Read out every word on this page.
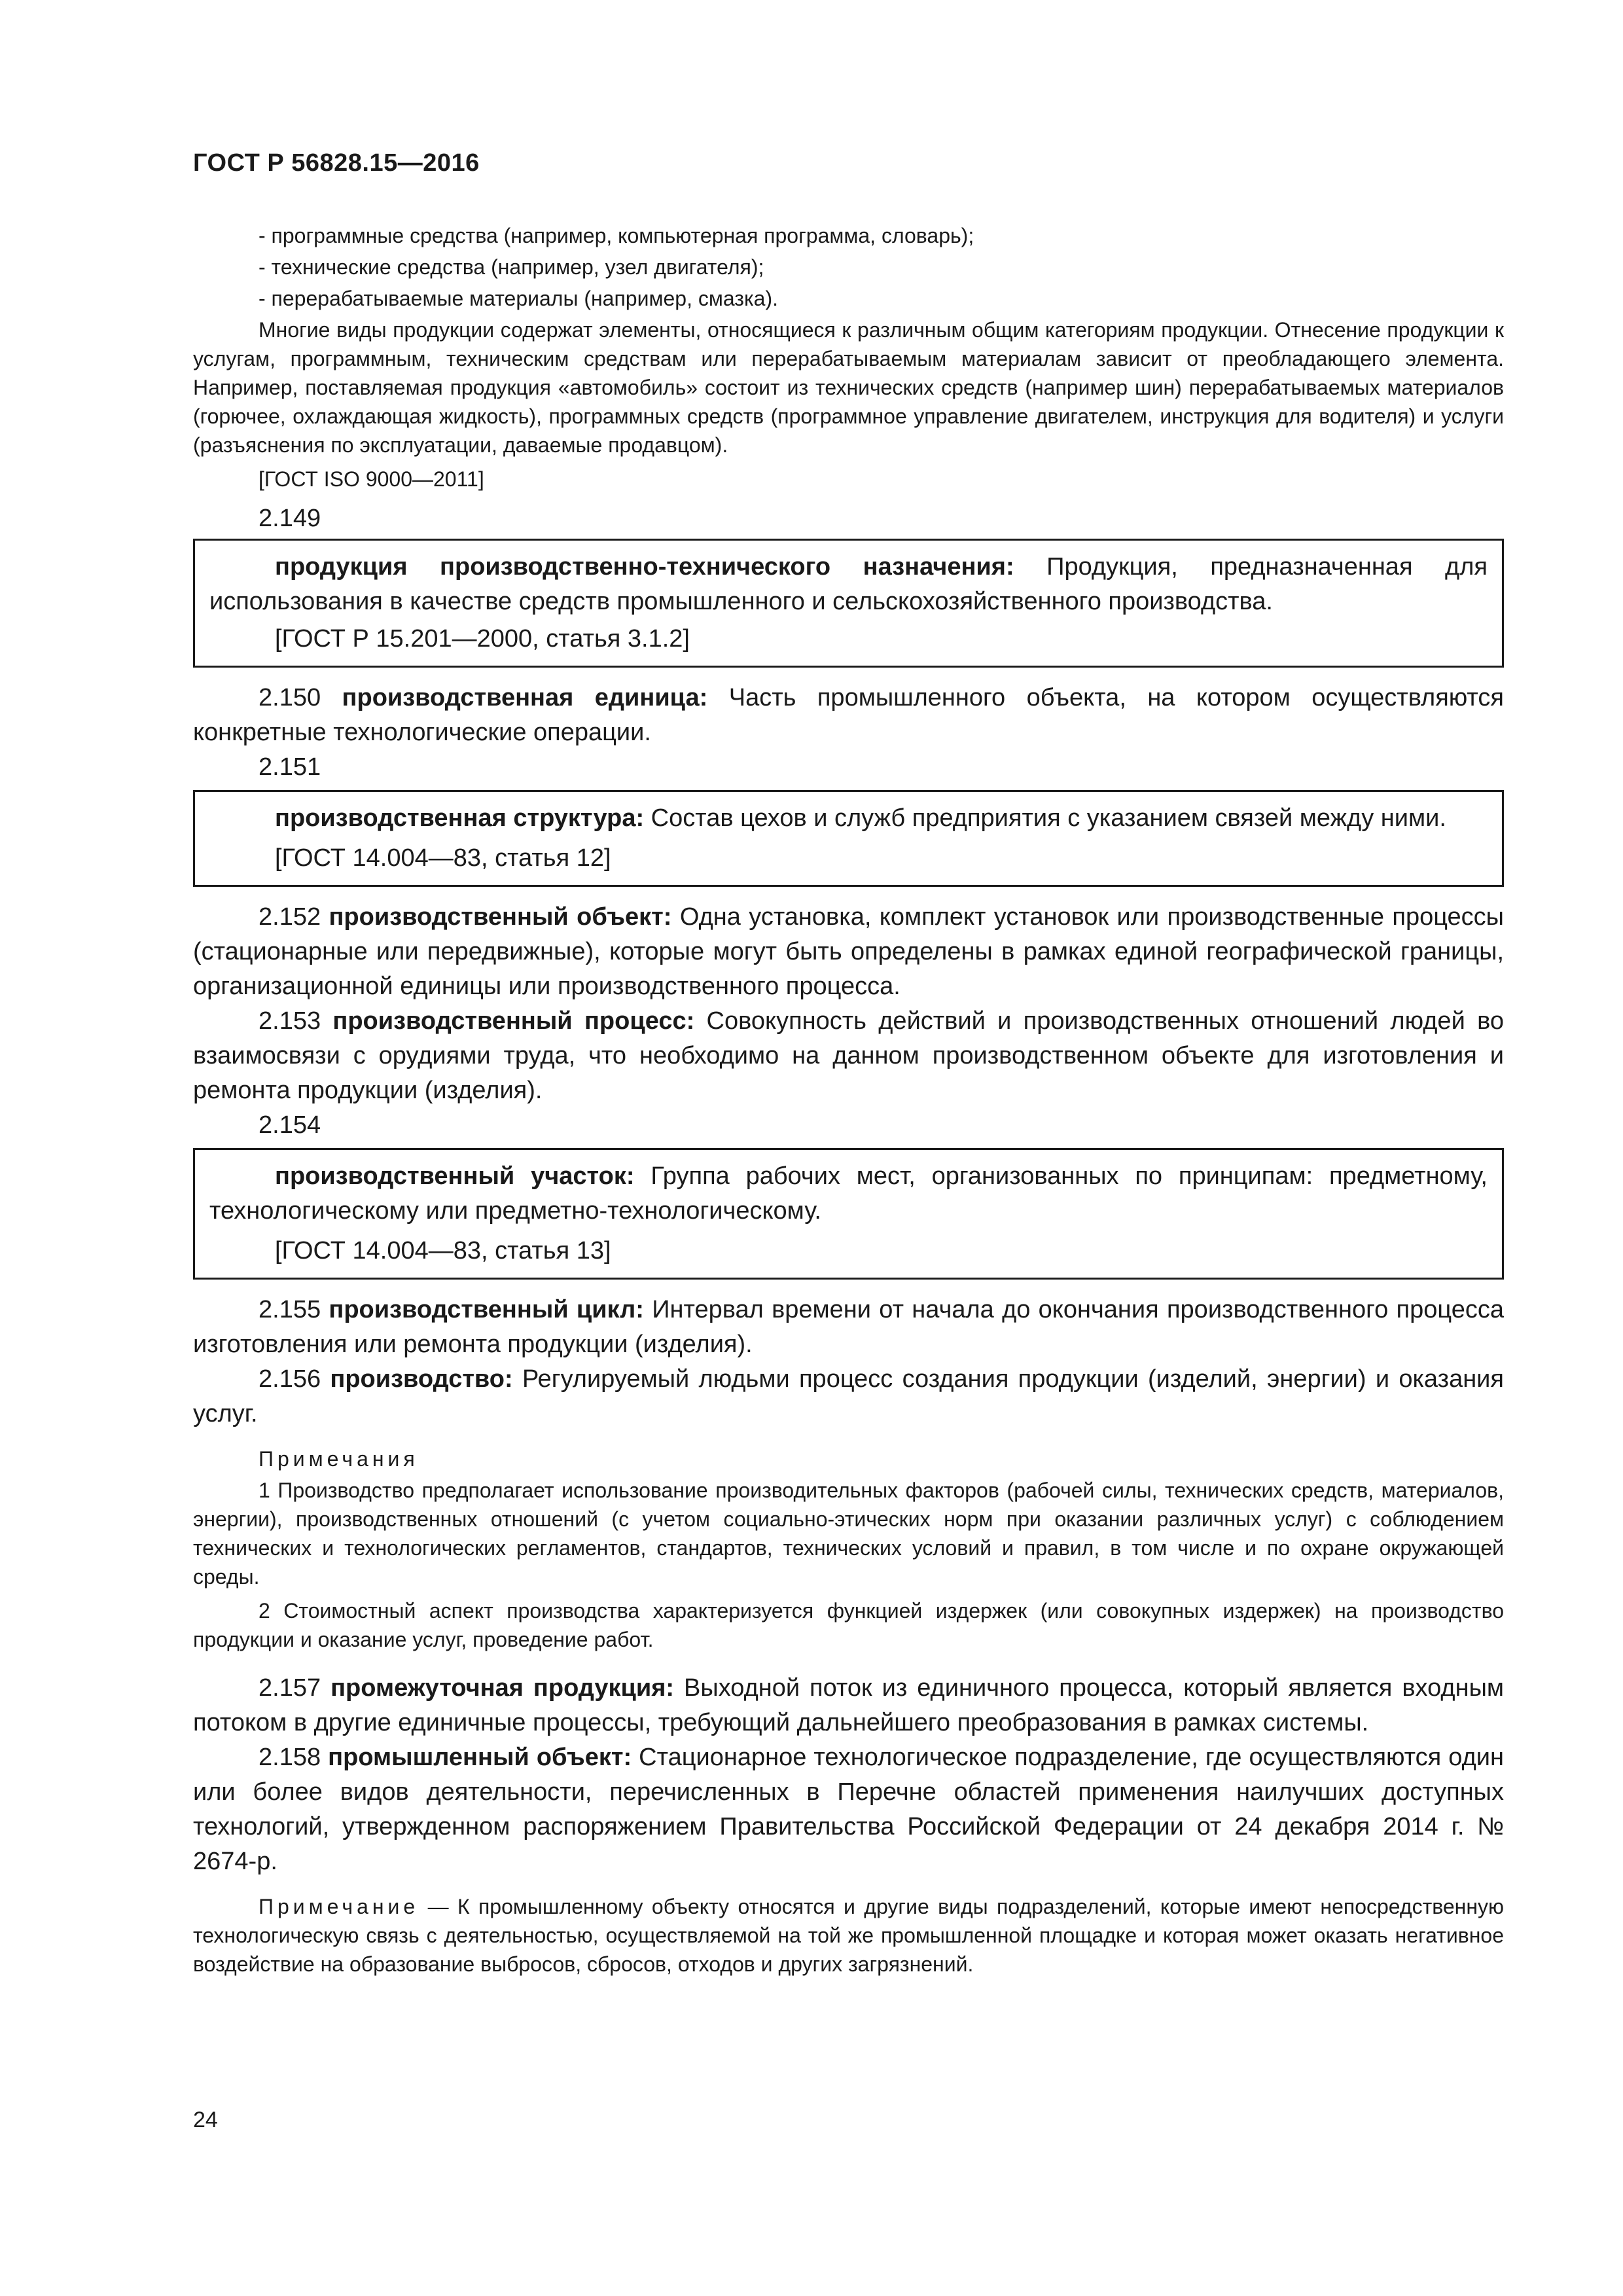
ГОСТ Р 56828.15—2016

- программные средства (например, компьютерная программа, словарь);

- технические средства (например, узел двигателя);

- перерабатываемые материалы (например, смазка).

Многие виды продукции содержат элементы, относящиеся к различным общим категориям продукции. Отнесение продукции к услугам, программным, техническим средствам или перерабатываемым материалам зависит от преобладающего элемента. Например, поставляемая продукция «автомобиль» состоит из технических средств (например шин) перерабатываемых материалов (горючее, охлаждающая жидкость), программных средств (программное управление двигателем, инструкция для водителя) и услуги (разъяснения по эксплуатации, даваемые продавцом).

[ГОСТ ISO 9000—2011]

2.149

продукция производственно-технического назначения: Продукция, предназначенная для использования в качестве средств промышленного и сельскохозяйственного производства.

[ГОСТ Р 15.201—2000, статья 3.1.2]

2.150 производственная единица: Часть промышленного объекта, на котором осуществляются конкретные технологические операции.

2.151

производственная структура: Состав цехов и служб предприятия с указанием связей между ними.

[ГОСТ 14.004—83, статья 12]

2.152 производственный объект: Одна установка, комплект установок или производственные процессы (стационарные или передвижные), которые могут быть определены в рамках единой географической границы, организационной единицы или производственного процесса.

2.153 производственный процесс: Совокупность действий и производственных отношений людей во взаимосвязи с орудиями труда, что необходимо на данном производственном объекте для изготовления и ремонта продукции (изделия).

2.154

производственный участок: Группа рабочих мест, организованных по принципам: предметному, технологическому или предметно-технологическому.

[ГОСТ 14.004—83, статья 13]

2.155 производственный цикл: Интервал времени от начала до окончания производственного процесса изготовления или ремонта продукции (изделия).

2.156 производство: Регулируемый людьми процесс создания продукции (изделий, энергии) и оказания услуг.

Примечания

1 Производство предполагает использование производительных факторов (рабочей силы, технических средств, материалов, энергии), производственных отношений (с учетом социально-этических норм при оказании различных услуг) с соблюдением технических и технологических регламентов, стандартов, технических условий и правил, в том числе и по охране окружающей среды.

2 Стоимостный аспект производства характеризуется функцией издержек (или совокупных издержек) на производство продукции и оказание услуг, проведение работ.

2.157 промежуточная продукция: Выходной поток из единичного процесса, который является входным потоком в другие единичные процессы, требующий дальнейшего преобразования в рамках системы.

2.158 промышленный объект: Стационарное технологическое подразделение, где осуществляются один или более видов деятельности, перечисленных в Перечне областей применения наилучших доступных технологий, утвержденном распоряжением Правительства Российской Федерации от 24 декабря 2014 г. № 2674-р.

Примечание — К промышленному объекту относятся и другие виды подразделений, которые имеют непосредственную технологическую связь с деятельностью, осуществляемой на той же промышленной площадке и которая может оказать негативное воздействие на образование выбросов, сбросов, отходов и других загрязнений.

24
